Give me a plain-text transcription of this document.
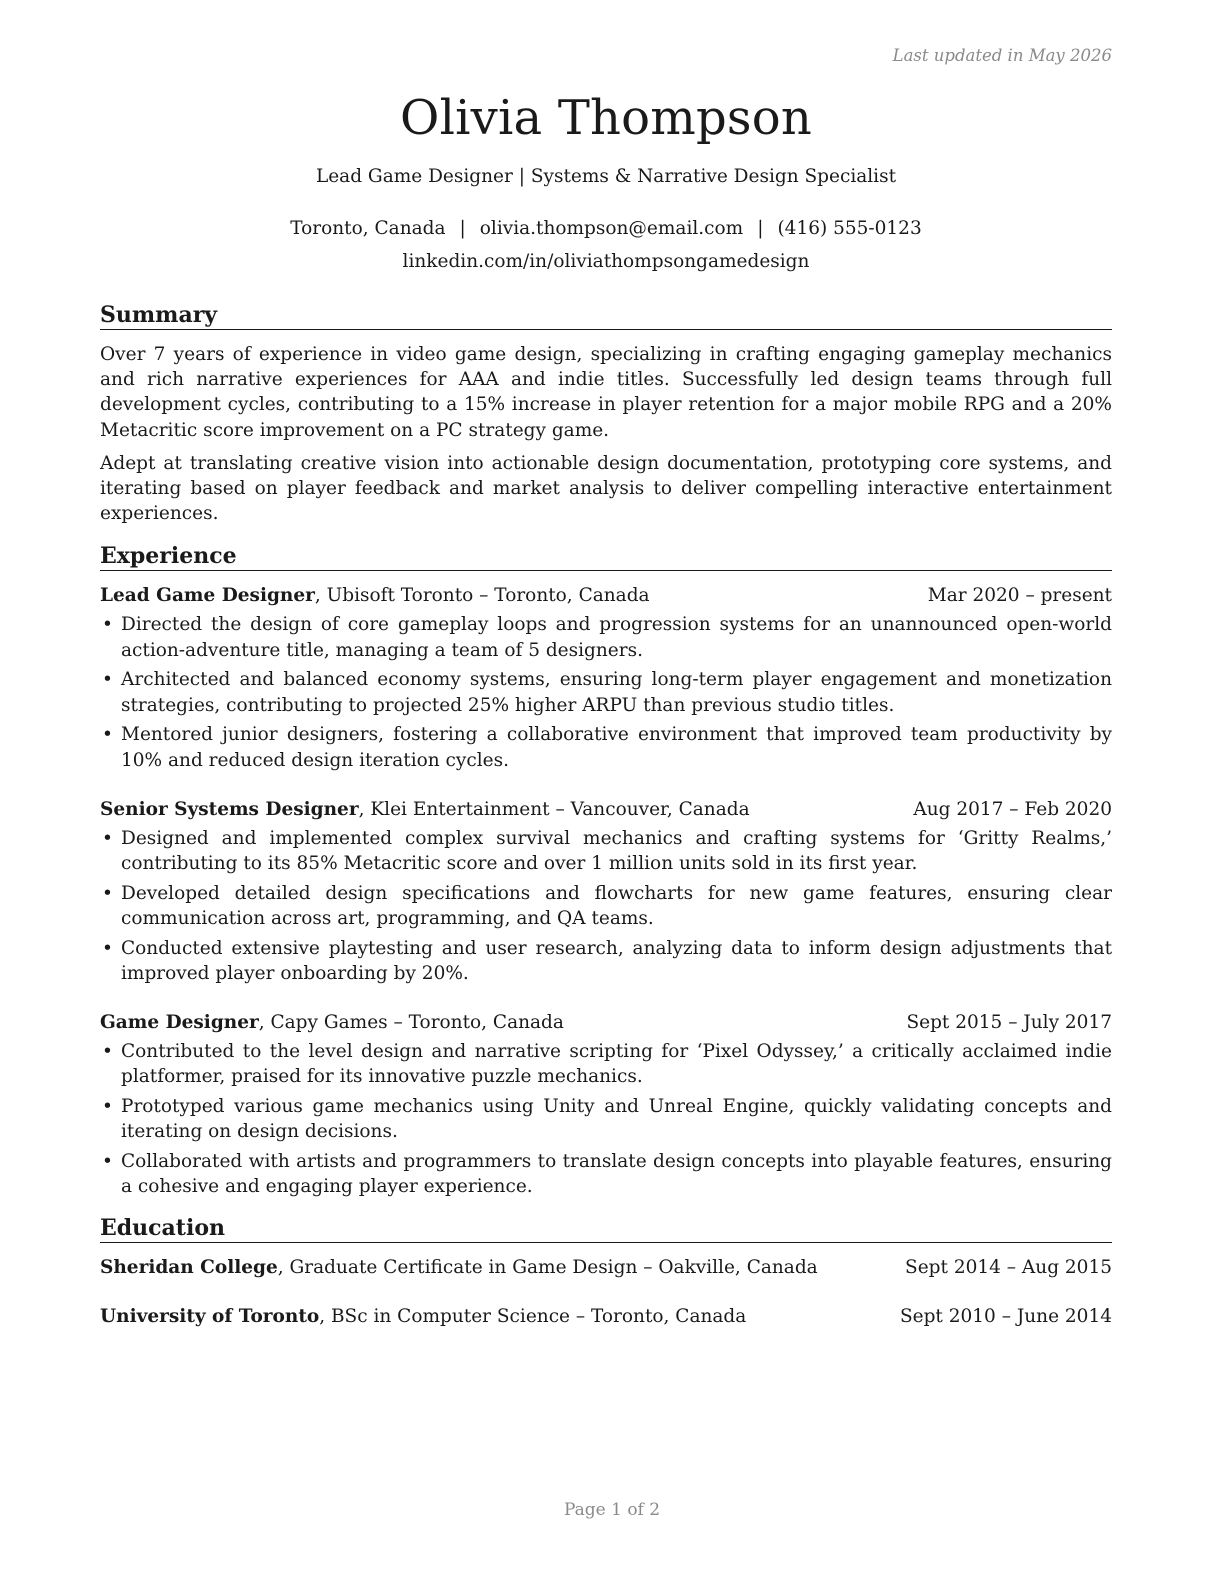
Last updated in May 2026
Olivia Thompson
Lead Game Designer | Systems & Narrative Design Specialist
Toronto, Canada | olivia.thompson@email.com | (416) 555-0123
linkedin.com/in/oliviathompsongamedesign
Summary

Over 7 years of experience in video game design, specializing in crafting engaging gameplay mechanics and rich narrative experiences for AAA and indie titles. Successfully led design teams through full development cycles, contributing to a 15% increase in player retention for a major mobile RPG and a 20% Metacritic score improvement on a PC strategy game.

Adept at translating creative vision into actionable design documentation, prototyping core systems, and iterating based on player feedback and market analysis to deliver compelling interactive entertainment experiences.

Experience
Lead Game Designer, Ubisoft Toronto – Toronto, Canada	Mar 2020 – present
• Directed the design of core gameplay loops and progression systems for an unannounced open-world action-adventure title, managing a team of 5 designers.
• Architected and balanced economy systems, ensuring long-term player engagement and monetization strategies, contributing to projected 25% higher ARPU than previous studio titles.
• Mentored junior designers, fostering a collaborative environment that improved team productivity by 10% and reduced design iteration cycles.
Senior Systems Designer, Klei Entertainment – Vancouver, Canada	Aug 2017 – Feb 2020
• Designed and implemented complex survival mechanics and crafting systems for ‘Gritty Realms,’ contributing to its 85% Metacritic score and over 1 million units sold in its first year.
• Developed detailed design specifications and flowcharts for new game features, ensuring clear communication across art, programming, and QA teams.
• Conducted extensive playtesting and user research, analyzing data to inform design adjustments that improved player onboarding by 20%.
Game Designer, Capy Games – Toronto, Canada	Sept 2015 – July 2017
• Contributed to the level design and narrative scripting for ‘Pixel Odyssey,’ a critically acclaimed indie platformer, praised for its innovative puzzle mechanics.
• Prototyped various game mechanics using Unity and Unreal Engine, quickly validating concepts and iterating on design decisions.
• Collaborated with artists and programmers to translate design concepts into playable features, ensuring a cohesive and engaging player experience.
Education
Sheridan College, Graduate Certificate in Game Design – Oakville, Canada	Sept 2014 – Aug 2015
University of Toronto, BSc in Computer Science – Toronto, Canada	Sept 2010 – June 2014
Page 1 of 2
